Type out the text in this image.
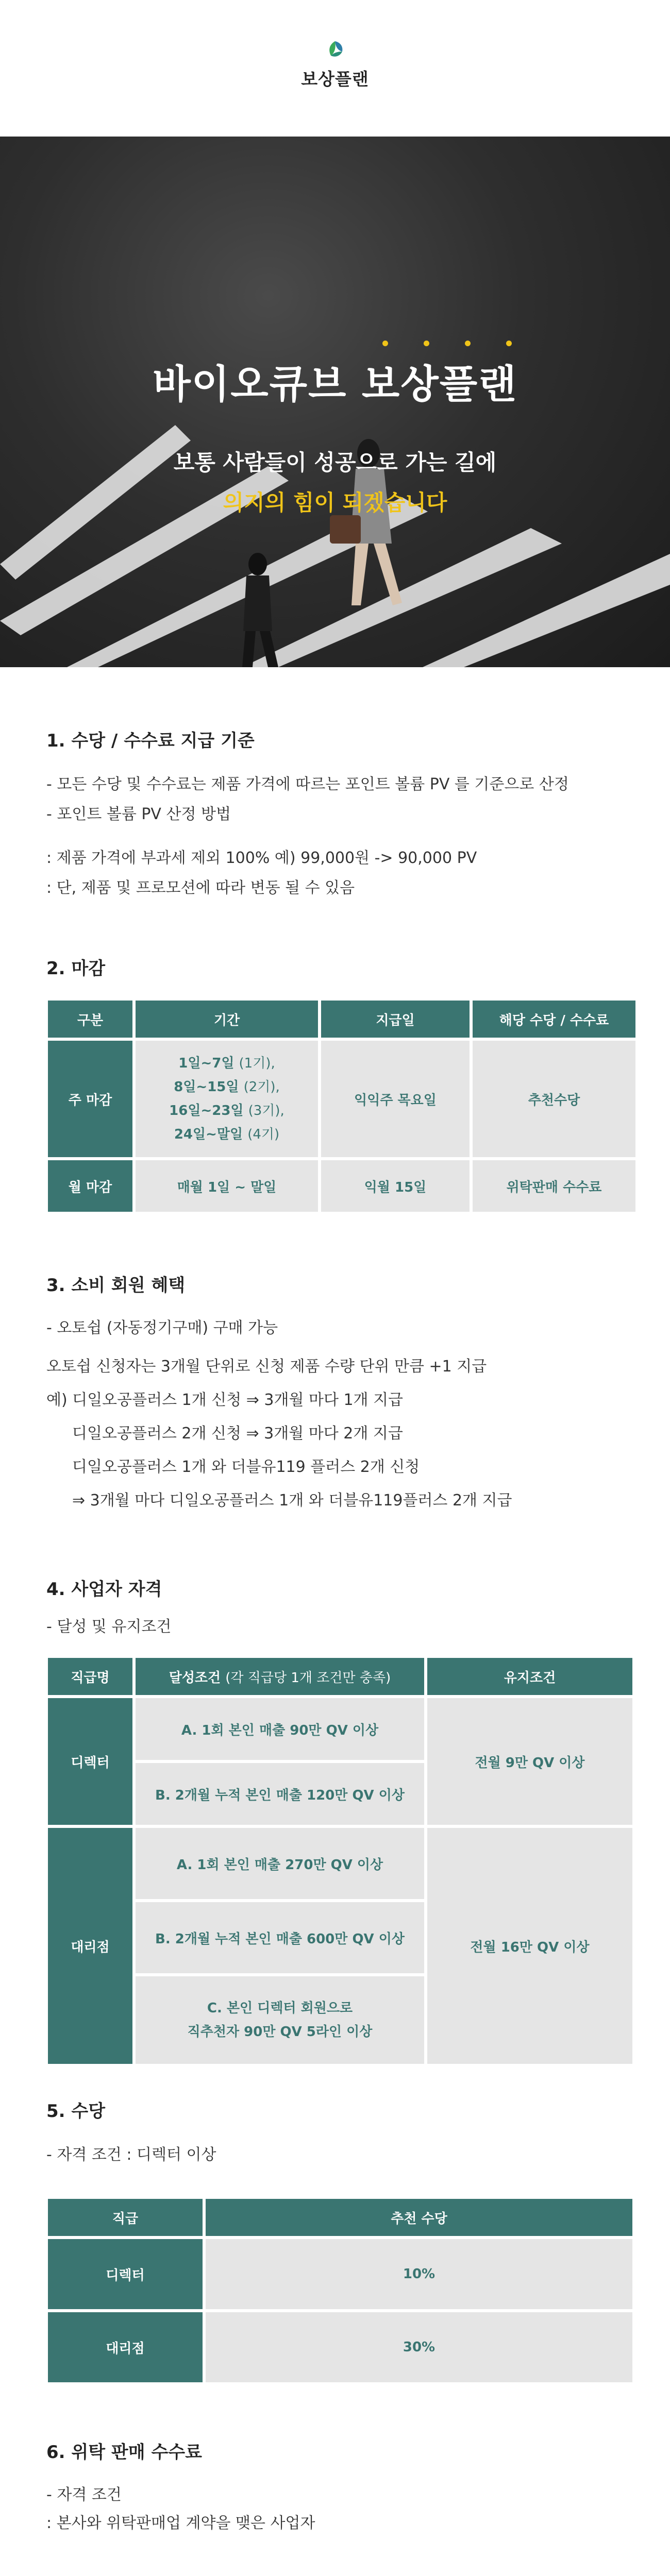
보상플랜
바이오큐브 보상플랜
보통 사람들이 성공으로 가는 길에
의지의 힘이 되겠습니다
1. 수당 / 수수료 지급 기준
- 모든 수당 및 수수료는 제품 가격에 따르는 포인트 볼륨 PV 를 기준으로 산정
- 포인트 볼륨 PV 산정 방법
: 제품 가격에 부과세 제외 100% 예) 99,000원 -> 90,000 PV
: 단, 제품 및 프로모션에 따라 변동 될 수 있음
2. 마감
구분	기간	지급일	해당 수당 / 수수료
주 마감	1일~7일 (1기),
8일~15일 (2기),
16일~23일 (3기),
24일~말일 (4기)	익익주 목요일	추천수당
월 마감	매월 1일 ~ 말일	익월 15일	위탁판매 수수료
3. 소비 회원 혜택
- 오토쉽 (자동정기구매) 구매 가능
오토쉽 신청자는 3개월 단위로 신청 제품 수량 단위 만큼 +1 지급
예) 디일오공플러스 1개 신청 ⇒ 3개월 마다 1개 지급
디일오공플러스 2개 신청 ⇒ 3개월 마다 2개 지급
디일오공플러스 1개 와 더블유119 플러스 2개 신청
⇒ 3개월 마다 디일오공플러스 1개 와 더블유119플러스 2개 지급
4. 사업자 자격
- 달성 및 유지조건
직급명	달성조건 (각 직급당 1개 조건만 충족)	유지조건
디렉터	A. 1회 본인 매출 90만 QV 이상	전월 9만 QV 이상
	B. 2개월 누적 본인 매출 120만 QV 이상	
대리점	A. 1회 본인 매출 270만 QV 이상	전월 16만 QV 이상
	B. 2개월 누적 본인 매출 600만 QV 이상	

	C. 본인 디렉터 회원으로
직추천자 90만 QV 5라인 이상	
5. 수당
- 자격 조건 : 디렉터 이상
직급	추천 수당
디렉터	10%
대리점	30%
6. 위탁 판매 수수료
- 자격 조건
: 본사와 위탁판매업 계약을 맺은 사업자
